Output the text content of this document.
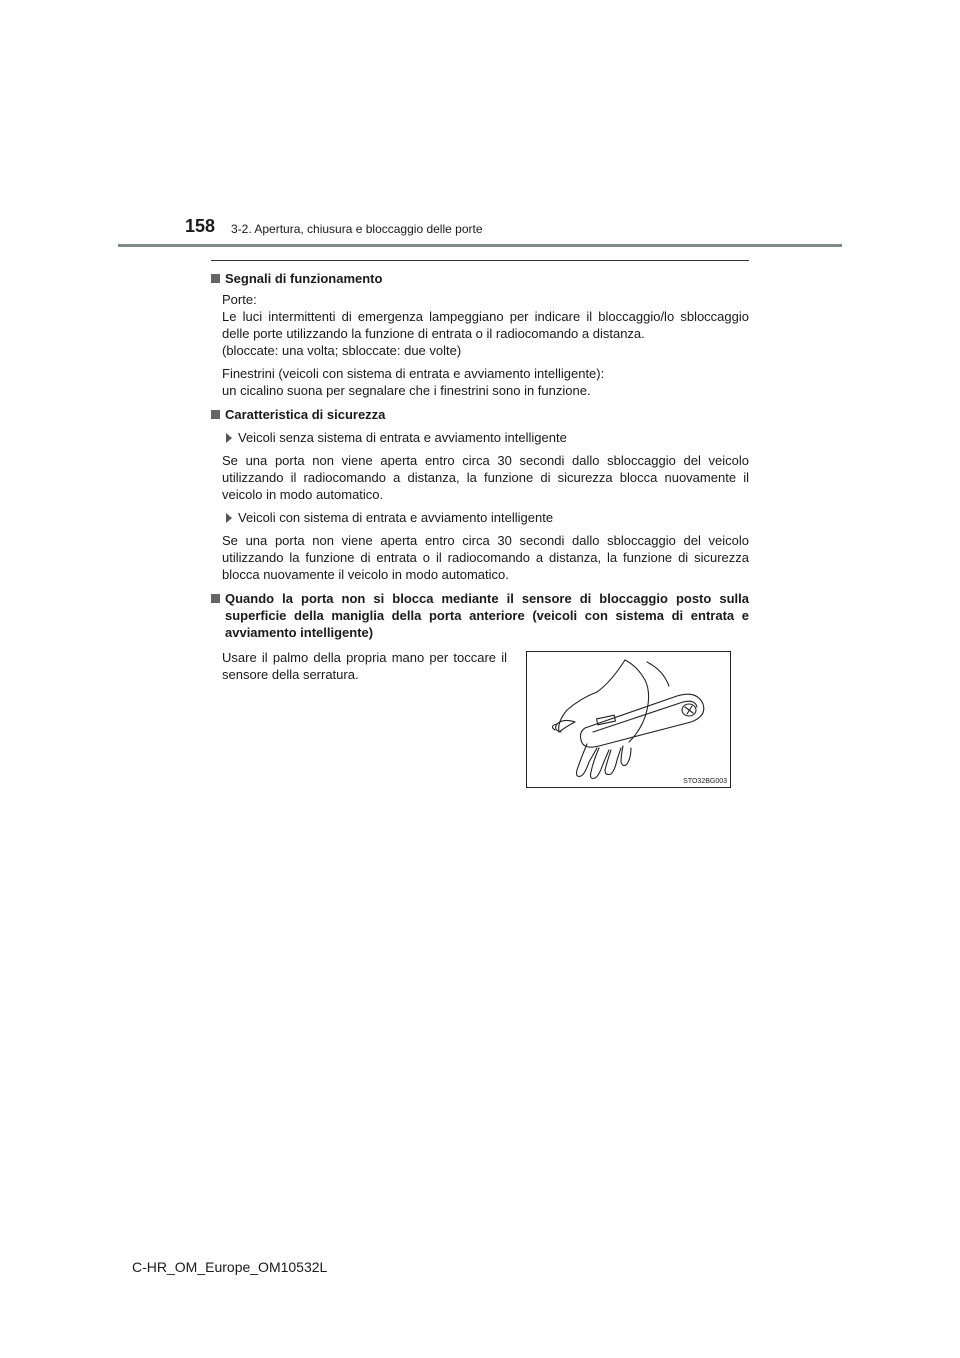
158 3-2. Apertura, chiusura e bloccaggio delle porte
Segnali di funzionamento
Porte:
Le luci intermittenti di emergenza lampeggiano per indicare il bloccaggio/lo sbloccaggio delle porte utilizzando la funzione di entrata o il radiocomando a distanza.
(bloccate: una volta; sbloccate: due volte)
Finestrini (veicoli con sistema di entrata e avviamento intelligente):
un cicalino suona per segnalare che i finestrini sono in funzione.
Caratteristica di sicurezza
Veicoli senza sistema di entrata e avviamento intelligente
Se una porta non viene aperta entro circa 30 secondi dallo sbloccaggio del veicolo utilizzando il radiocomando a distanza, la funzione di sicurezza blocca nuovamente il veicolo in modo automatico.
Veicoli con sistema di entrata e avviamento intelligente
Se una porta non viene aperta entro circa 30 secondi dallo sbloccaggio del veicolo utilizzando la funzione di entrata o il radiocomando a distanza, la funzione di sicurezza blocca nuovamente il veicolo in modo automatico.
Quando la porta non si blocca mediante il sensore di bloccaggio posto sulla superficie della maniglia della porta anteriore (veicoli con sistema di entrata e avviamento intelligente)
Usare il palmo della propria mano per toccare il sensore della serratura.
STO32BG003
C-HR_OM_Europe_OM10532L
